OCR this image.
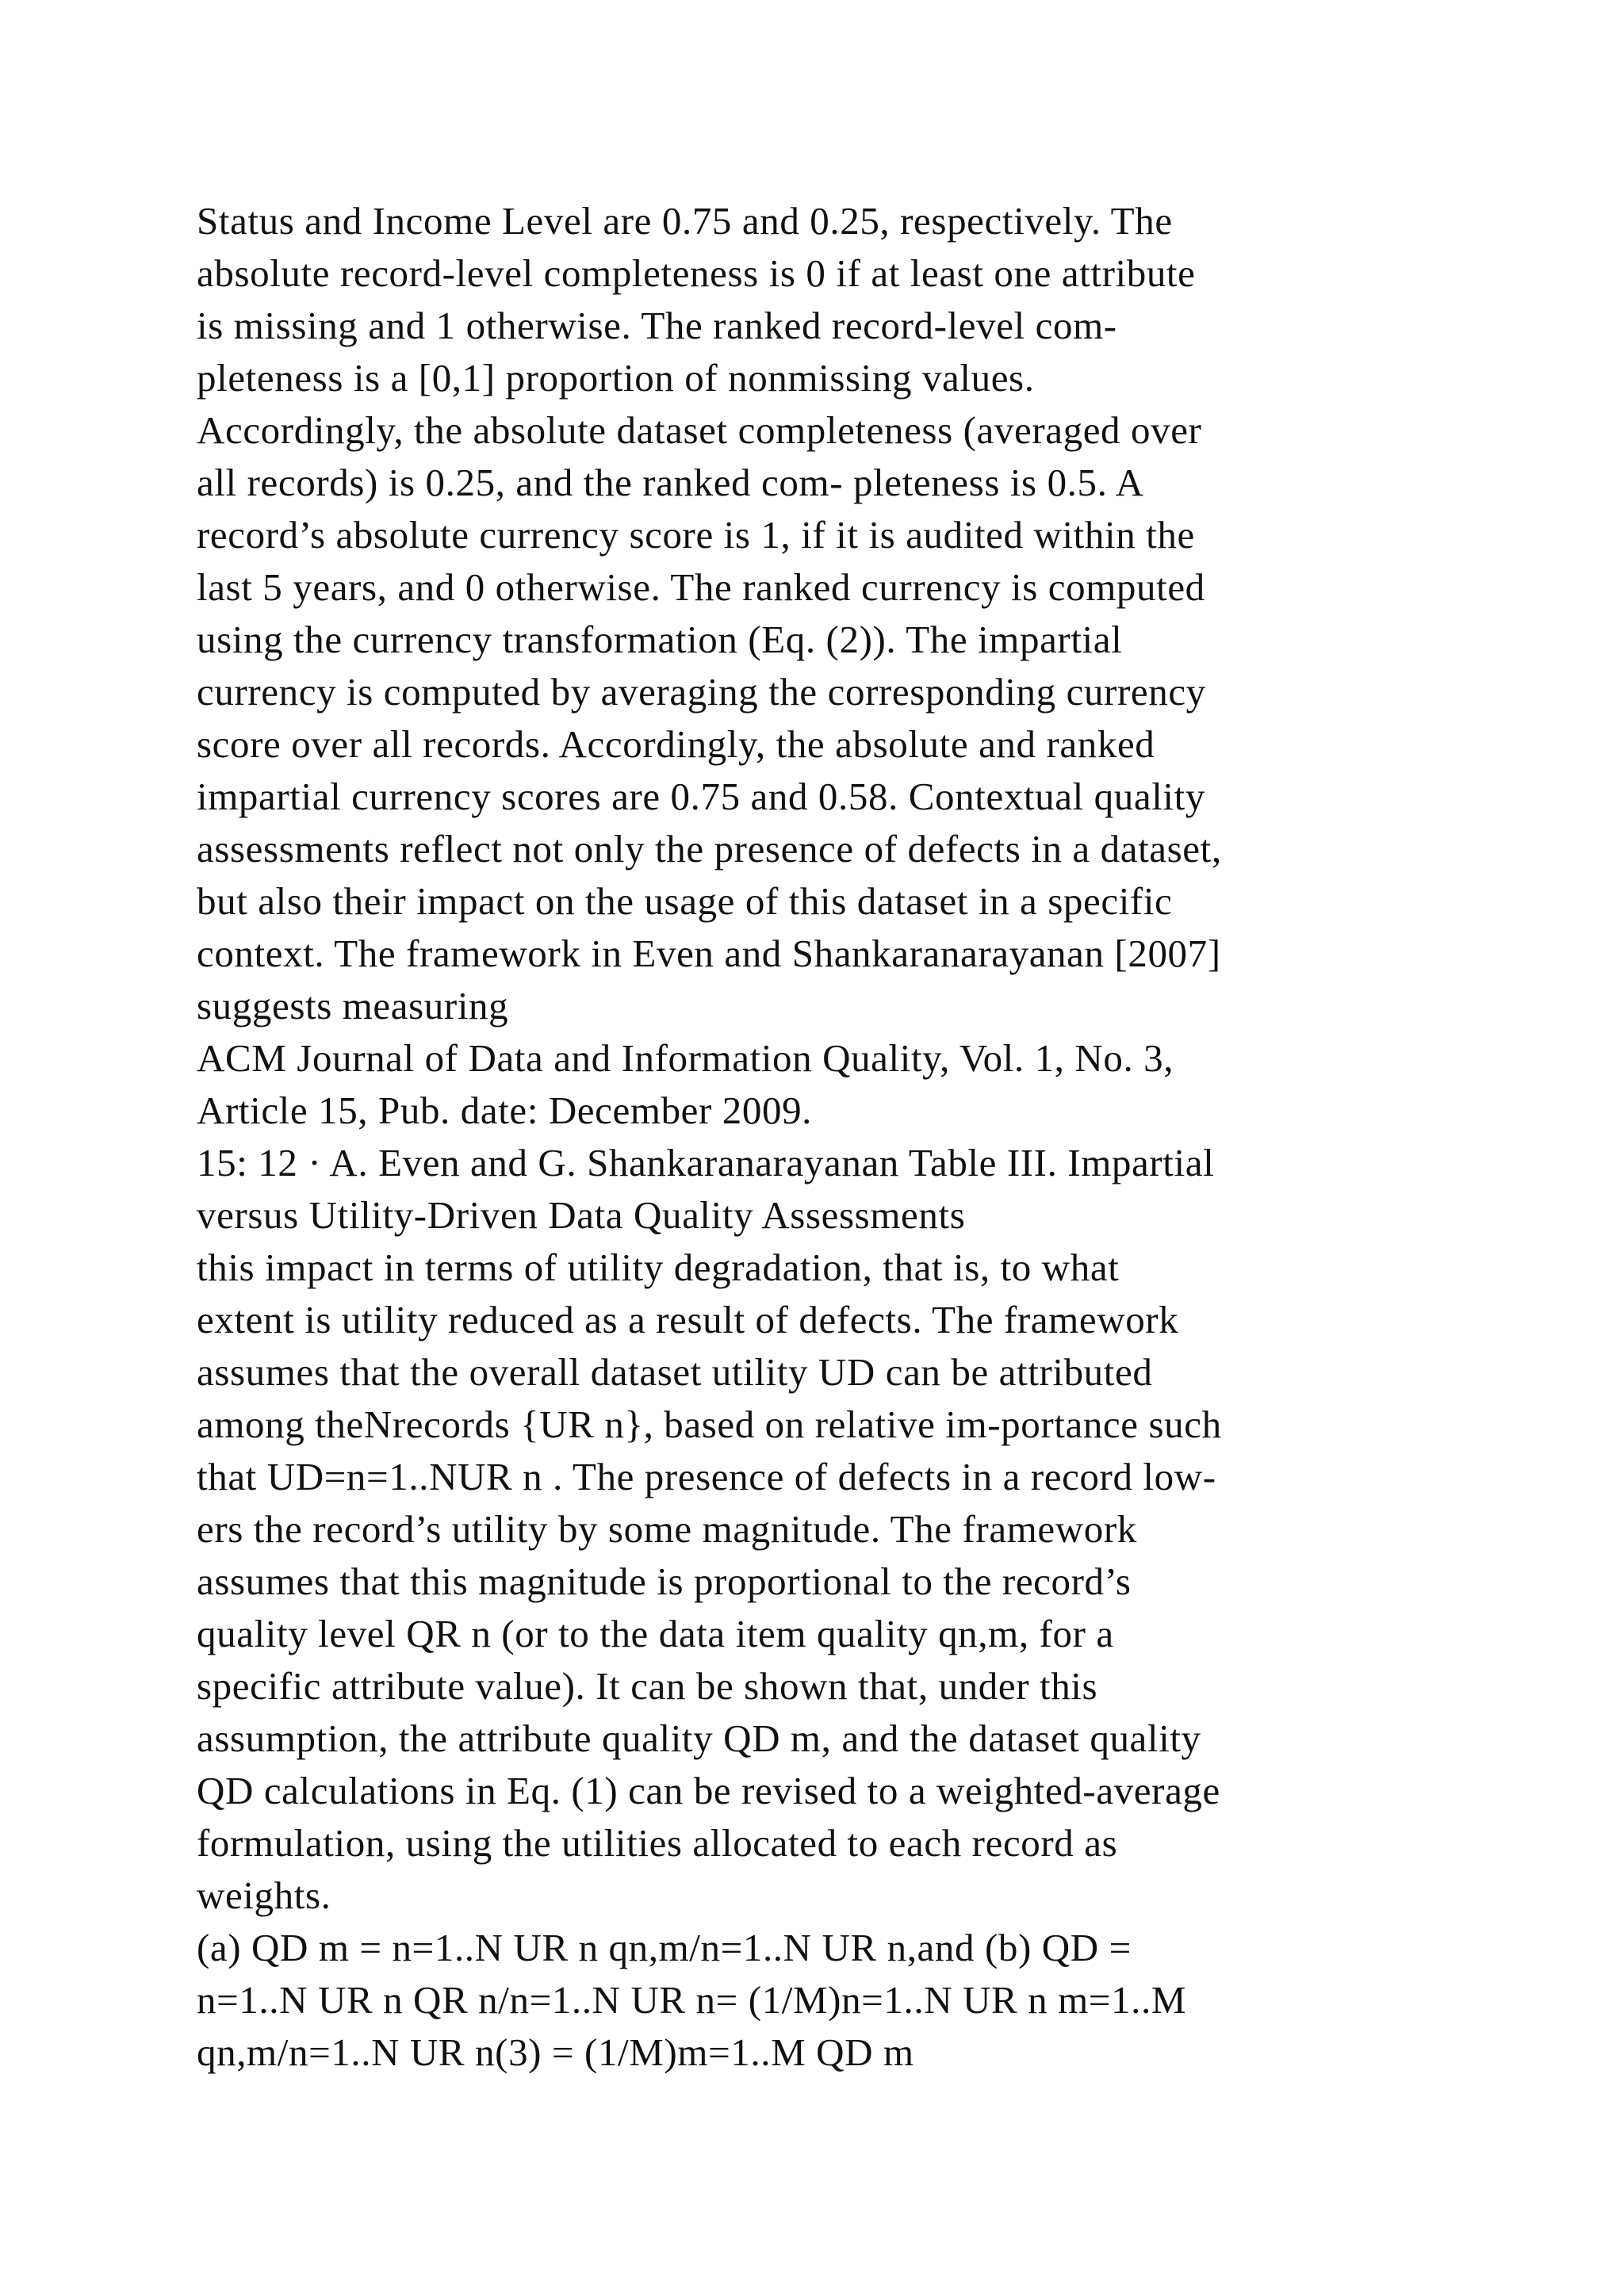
Status and Income Level are 0.75 and 0.25, respectively. The
absolute record-level completeness is 0 if at least one attribute
is missing and 1 otherwise. The ranked record-level com-
pleteness is a [0,1] proportion of nonmissing values.
Accordingly, the absolute dataset completeness (averaged over
all records) is 0.25, and the ranked com- pleteness is 0.5. A
record’s absolute currency score is 1, if it is audited within the
last 5 years, and 0 otherwise. The ranked currency is computed
using the currency transformation (Eq. (2)). The impartial
currency is computed by averaging the corresponding currency
score over all records. Accordingly, the absolute and ranked
impartial currency scores are 0.75 and 0.58. Contextual quality
assessments reflect not only the presence of defects in a dataset,
but also their impact on the usage of this dataset in a specific
context. The framework in Even and Shankaranarayanan [2007]
suggests measuring
ACM Journal of Data and Information Quality, Vol. 1, No. 3,
Article 15, Pub. date: December 2009.
15: 12 · A. Even and G. Shankaranarayanan Table III. Impartial
versus Utility-Driven Data Quality Assessments
this impact in terms of utility degradation, that is, to what
extent is utility reduced as a result of defects. The framework
assumes that the overall dataset utility UD can be attributed
among theNrecords {UR n}, based on relative im-portance such
that UD=n=1..NUR n . The presence of defects in a record low-
ers the record’s utility by some magnitude. The framework
assumes that this magnitude is proportional to the record’s
quality level QR n (or to the data item quality qn,m, for a
specific attribute value). It can be shown that, under this
assumption, the attribute quality QD m, and the dataset quality
QD calculations in Eq. (1) can be revised to a weighted-average
formulation, using the utilities allocated to each record as
weights.
(a) QD m = n=1..N UR n qn,m/n=1..N UR n,and (b) QD =
n=1..N UR n QR n/n=1..N UR n= (1/M)n=1..N UR n m=1..M
qn,m/n=1..N UR n(3) = (1/M)m=1..M QD m
